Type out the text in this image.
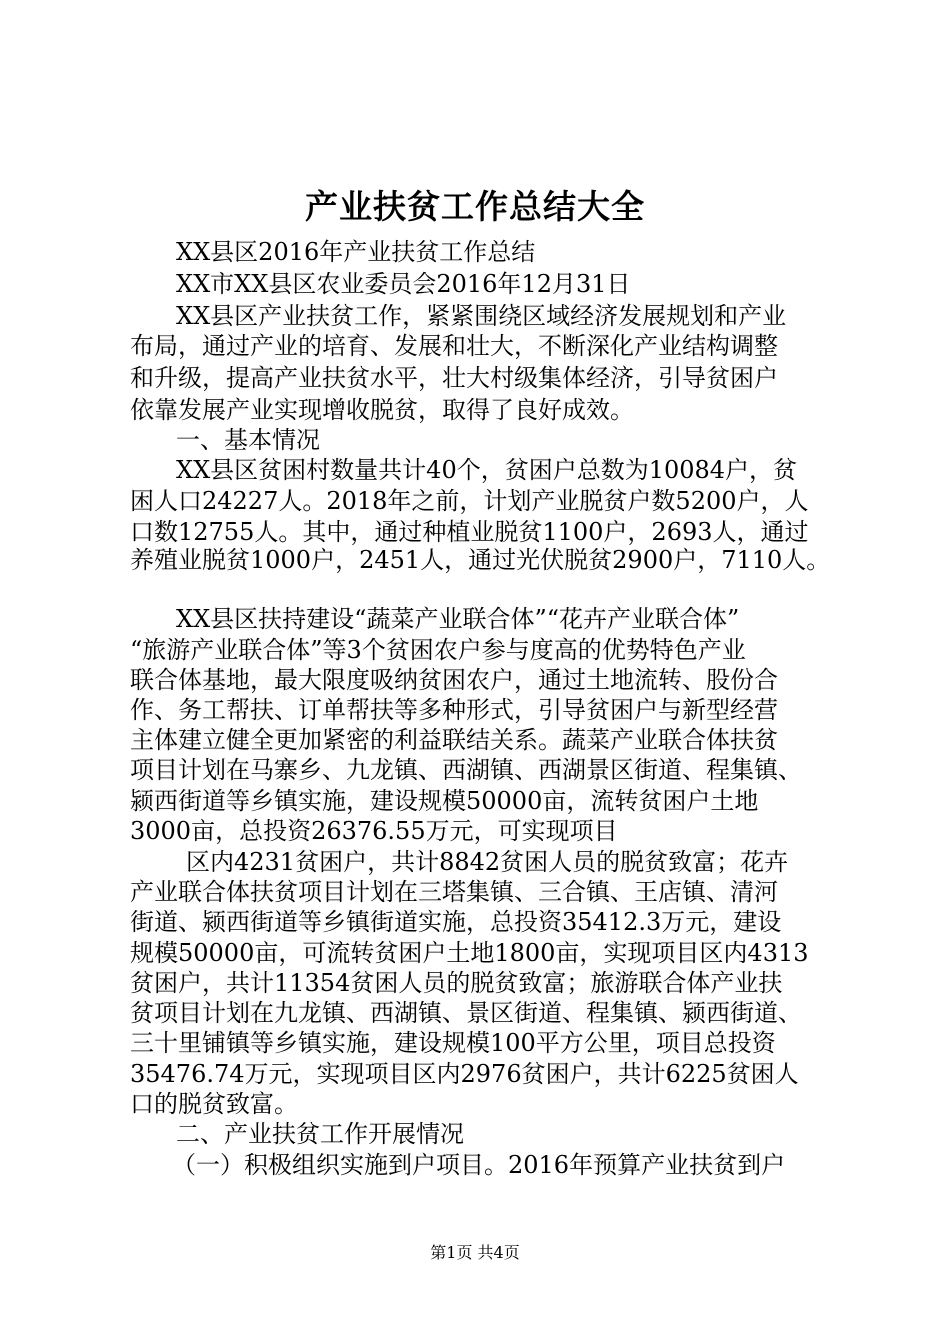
产业扶贫工作总结大全
XX县区2016年产业扶贫工作总结
XX市XX县区农业委员会2016年12月31日
XX县区产业扶贫工作，紧紧围绕区域经济发展规划和产业
布局，通过产业的培育、发展和壮大，不断深化产业结构调整
和升级，提高产业扶贫水平，壮大村级集体经济，引导贫困户
依靠发展产业实现增收脱贫，取得了良好成效。
一、基本情况
XX县区贫困村数量共计40个，贫困户总数为10084户，贫
困人口24227人。2018年之前，计划产业脱贫户数5200户，人
口数12755人。其中，通过种植业脱贫1100户，2693人，通过
养殖业脱贫1000户，2451人，通过光伏脱贫2900户，7110人。
XX县区扶持建设“蔬菜产业联合体”“花卉产业联合体”
“旅游产业联合体”等3个贫困农户参与度高的优势特色产业
联合体基地，最大限度吸纳贫困农户，通过土地流转、股份合
作、务工帮扶、订单帮扶等多种形式，引导贫困户与新型经营
主体建立健全更加紧密的利益联结关系。蔬菜产业联合体扶贫
项目计划在马寨乡、九龙镇、西湖镇、西湖景区街道、程集镇、
颍西街道等乡镇实施，建设规模50000亩，流转贫困户土地
3000亩，总投资26376.55万元，可实现项目
区内4231贫困户，共计8842贫困人员的脱贫致富；花卉
产业联合体扶贫项目计划在三塔集镇、三合镇、王店镇、清河
街道、颍西街道等乡镇街道实施，总投资35412.3万元，建设
规模50000亩，可流转贫困户土地1800亩，实现项目区内4313
贫困户，共计11354贫困人员的脱贫致富；旅游联合体产业扶
贫项目计划在九龙镇、西湖镇、景区街道、程集镇、颍西街道、
三十里铺镇等乡镇实施，建设规模100平方公里，项目总投资
35476.74万元，实现项目区内2976贫困户，共计6225贫困人
口的脱贫致富。
二、产业扶贫工作开展情况
（一）积极组织实施到户项目。2016年预算产业扶贫到户
第1页 共4页
